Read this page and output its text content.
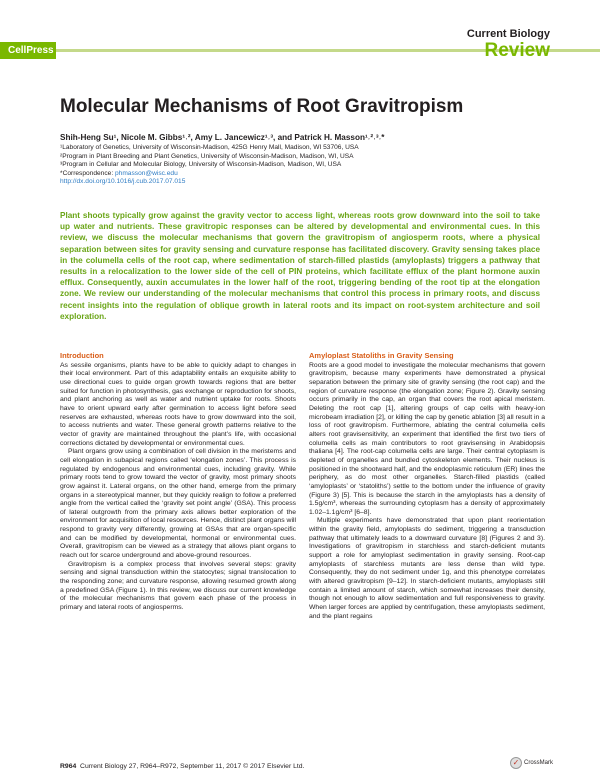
CellPress
Current Biology
Review
Molecular Mechanisms of Root Gravitropism
Shih-Heng Su¹, Nicole M. Gibbs¹˒², Amy L. Jancewicz¹˒³, and Patrick H. Masson¹˒²˒³˒*
¹Laboratory of Genetics, University of Wisconsin-Madison, 425G Henry Mall, Madison, WI 53706, USA
²Program in Plant Breeding and Plant Genetics, University of Wisconsin-Madison, Madison, WI, USA
³Program in Cellular and Molecular Biology, University of Wisconsin-Madison, Madison, WI, USA
*Correspondence: phmasson@wisc.edu
http://dx.doi.org/10.1016/j.cub.2017.07.015
Plant shoots typically grow against the gravity vector to access light, whereas roots grow downward into the soil to take up water and nutrients. These gravitropic responses can be altered by developmental and environmental cues. In this review, we discuss the molecular mechanisms that govern the gravitropism of angiosperm roots, where a physical separation between sites for gravity sensing and curvature response has facilitated discovery. Gravity sensing takes place in the columella cells of the root cap, where sedimentation of starch-filled plastids (amyloplasts) triggers a pathway that results in a relocalization to the lower side of the cell of PIN proteins, which facilitate efflux of the plant hormone auxin efflux. Consequently, auxin accumulates in the lower half of the root, triggering bending of the root tip at the elongation zone. We review our understanding of the molecular mechanisms that control this process in primary roots, and discuss recent insights into the regulation of oblique growth in lateral roots and its impact on root-system architecture and soil exploration.
Introduction

As sessile organisms, plants have to be able to quickly adapt to changes in their local environment. Part of this adaptability entails an exquisite ability to use directional cues to guide organ growth towards regions that are better suited for function in photosynthesis, gas exchange or reproduction for shoots, and plant anchoring as well as water and nutrient uptake for roots. Shoots have to orient upward early after germination to access light before seed reserves are exhausted, whereas roots have to grow downward into the soil, to access nutrients and water. These general growth patterns relative to the vector of gravity are maintained throughout the plant’s life, with occasional corrections dictated by developmental or environmental cues.

Plant organs grow using a combination of cell division in the meristems and cell elongation in subapical regions called ‘elongation zones’. This process is regulated by endogenous and environmental cues, including gravity. While primary roots tend to grow toward the vector of gravity, most primary shoots grow against it. Lateral organs, on the other hand, emerge from the primary organs in a stereotypical manner, but they quickly realign to follow a preferred angle from the vertical called the ‘gravity set point angle’ (GSA). This process of lateral outgrowth from the primary axis allows better exploration of the environment for acquisition of local resources. Hence, distinct plant organs will respond to gravity very differently, growing at GSAs that are organ-specific and can be modified by developmental, hormonal or environmental cues. Overall, gravitropism can be viewed as a strategy that allows plant organs to reach out for scarce underground and above-ground resources.

Gravitropism is a complex process that involves several steps: gravity sensing and signal transduction within the statocytes; signal translocation to the responding zone; and curvature response, allowing resumed growth along a predefined GSA (Figure 1). In this review, we discuss our current knowledge of the molecular mechanisms that govern each phase of the process in primary and lateral roots of angiosperms.

Amyloplast Statoliths in Gravity Sensing

Roots are a good model to investigate the molecular mechanisms that govern gravitropism, because many experiments have demonstrated a physical separation between the primary site of gravity sensing (the root cap) and the region of curvature response (the elongation zone; Figure 2). Gravity sensing occurs primarily in the cap, an organ that covers the root apical meristem. Deleting the root cap [1], altering groups of cap cells with heavy-ion microbeam irradiation [2], or killing the cap by genetic ablation [3] all result in a loss of root gravitropism. Furthermore, ablating the central columella cells alters root gravisensitivity, an experiment that identified the first two tiers of columella cells as main contributors to root gravisensing in Arabidopsis thaliana [4]. The root-cap columella cells are large. Their central cytoplasm is depleted of organelles and bundled cytoskeleton elements. Their nucleus is positioned in the shootward half, and the endoplasmic reticulum (ER) lines the periphery, as do most other organelles. Starch-filled plastids (called ‘amyloplasts’ or ‘statoliths’) settle to the bottom under the influence of gravity (Figure 3) [5]. This is because the starch in the amyloplasts has a density of 1.5g/cm³, whereas the surrounding cytoplasm has a density of approximately 1.02–1.1g/cm³ [6–8].

Multiple experiments have demonstrated that upon plant reorientation within the gravity field, amyloplasts do sediment, triggering a transduction pathway that ultimately leads to a downward curvature [8] (Figures 2 and 3). Investigations of gravitropism in starchless and starch-deficient mutants support a role for amyloplast sedimentation in gravity sensing. Root-cap amyloplasts of starchless mutants are less dense than wild type. Consequently, they do not sediment under 1g, and this phenotype correlates with altered gravitropism [9–12]. In starch-deficient mutants, amyloplasts still contain a limited amount of starch, which somewhat increases their density, though not enough to allow sedimentation and full responsiveness to gravity. When larger forces are applied by centrifugation, these amyloplasts sediment, and the plant regains

R964 Current Biology 27, R964–R972, September 11, 2017 © 2017 Elsevier Ltd.	✓ CrossMark
